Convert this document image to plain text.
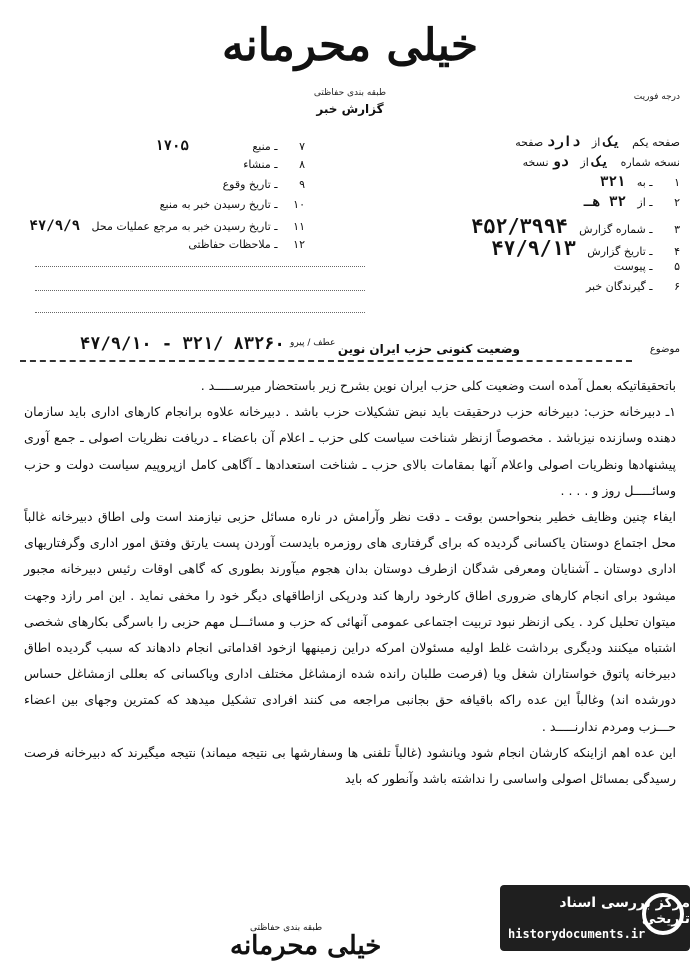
خیلی محرمانه
طبقه بندی حفاظتی
گزارش خبر
درجه فوریت
صفحه یکم یک از دارد صفحه
نسخه شماره یک از دو نسخه
۱ ـ به ۳۲۱
۲ ـ از ۳۲ هـ
۳ ـ شماره گزارش ۴۵۲/۳۹۹۴
۴ ـ تاریخ گزارش ۴۷/۹/۱۳
۵ ـ پیوست
۶ ـ گیرندگان خبر
۷ ـ منبع ۱۷۰۵
۸ ـ منشاء
۹ ـ تاریخ وقوع
۱۰ ـ تاریخ رسیدن خبر به منبع
۱۱ ـ تاریخ رسیدن خبر به مرجع عملیات محل ۴۷/۹/۹
۱۲ ـ ملاحظات حفاظتی
موضوع
وضعیت کنونی حزب ایران نوین
عطف / پیرو
۴۷/۹/۱۰ - ۳۲۱/ ۸۳۲۶۰

باتحقیقاتیکه بعمل آمده است وضعیت کلی حزب ایران نوین بشرح زیر باستحضار میرســـــد .

۱ـ دبیرخانه حزب: دبیرخانه حزب درحقیقت باید نبض تشکیلات حزب باشد . دبیرخانه علاوه برانجام کارهای اداری باید سازمان دهنده وسازنده نیزباشد . مخصوصاً ازنظر شناخت سیاست کلی حزب ـ اعلام آن باعضاء ـ دریافت نظریات اصولی ـ جمع آوری پیشنهادها ونظریات اصولی واعلام آنها بمقامات بالای حزب ـ شناخت استعدادها ـ آگاهی کامل ازپروپیم سیاست دولت و حزب وسائـــــل روز و . . . .

ایفاء چنین وظایف خطیر بنحواحسن بوقت ـ دقت نظر وآرامش در ناره مسائل حزبی نیازمند است ولی اطاق دبیرخانه غالباً محل اجتماع دوستان یاکسانی گردیده که برای گرفتاری های روزمره بایدست آوردن پست یارتق وفتق امور اداری وگرفتاریهای اداری دوستان ـ آشنایان ومعرفی شدگان ازطرف دوستان بدان هجوم میآورند بطوری که گاهی اوقات رئیس دبیرخانه مجبور میشود برای انجام کارهای ضروری اطاق کارخود رارها کند ودرپکی ازاطاقهای دیگر خود را مخفی نماید . این امر رازد وجهت میتوان تحلیل کرد . یکی ازنظر نبود تربیت اجتماعی عمومی آنهائی که حزب و مسائـــل مهم حزبی را باسرگی بکارهای شخصی اشتباه میکنند ودیگری برداشت غلط اولیه مسئولان امرکه دراین زمینهها ازخود اقداماتی انجام دادهاند که سبب گردیده اطاق دبیرخانه پاتوق خواستاران شغل ویا (فرصت طلبان رانده شده ازمشاغل مختلف اداری ویاکسانی که بعللی ازمشاغل حساس دورشده اند) وغالباً این عده راکه باقیافه حق بجانبی مراجعه می کنند افرادی تشکیل میدهد که کمترین وجهای بین اعضاء حـــزب ومردم ندارنـــــد .

این عده اهم ازاینکه کارشان انجام شود ویانشود (غالباً تلفنی ها وسفارشها بی نتیجه میماند) نتیجه میگیرند که دبیرخانه فرصت رسیدگی بمسائل اصولی واساسی را نداشته باشد وآنطور که باید

طبقه بندی حفاظتی
خیلی محرمانه
مرکز بررسی اسناد تاریخی
historydocuments.ir
